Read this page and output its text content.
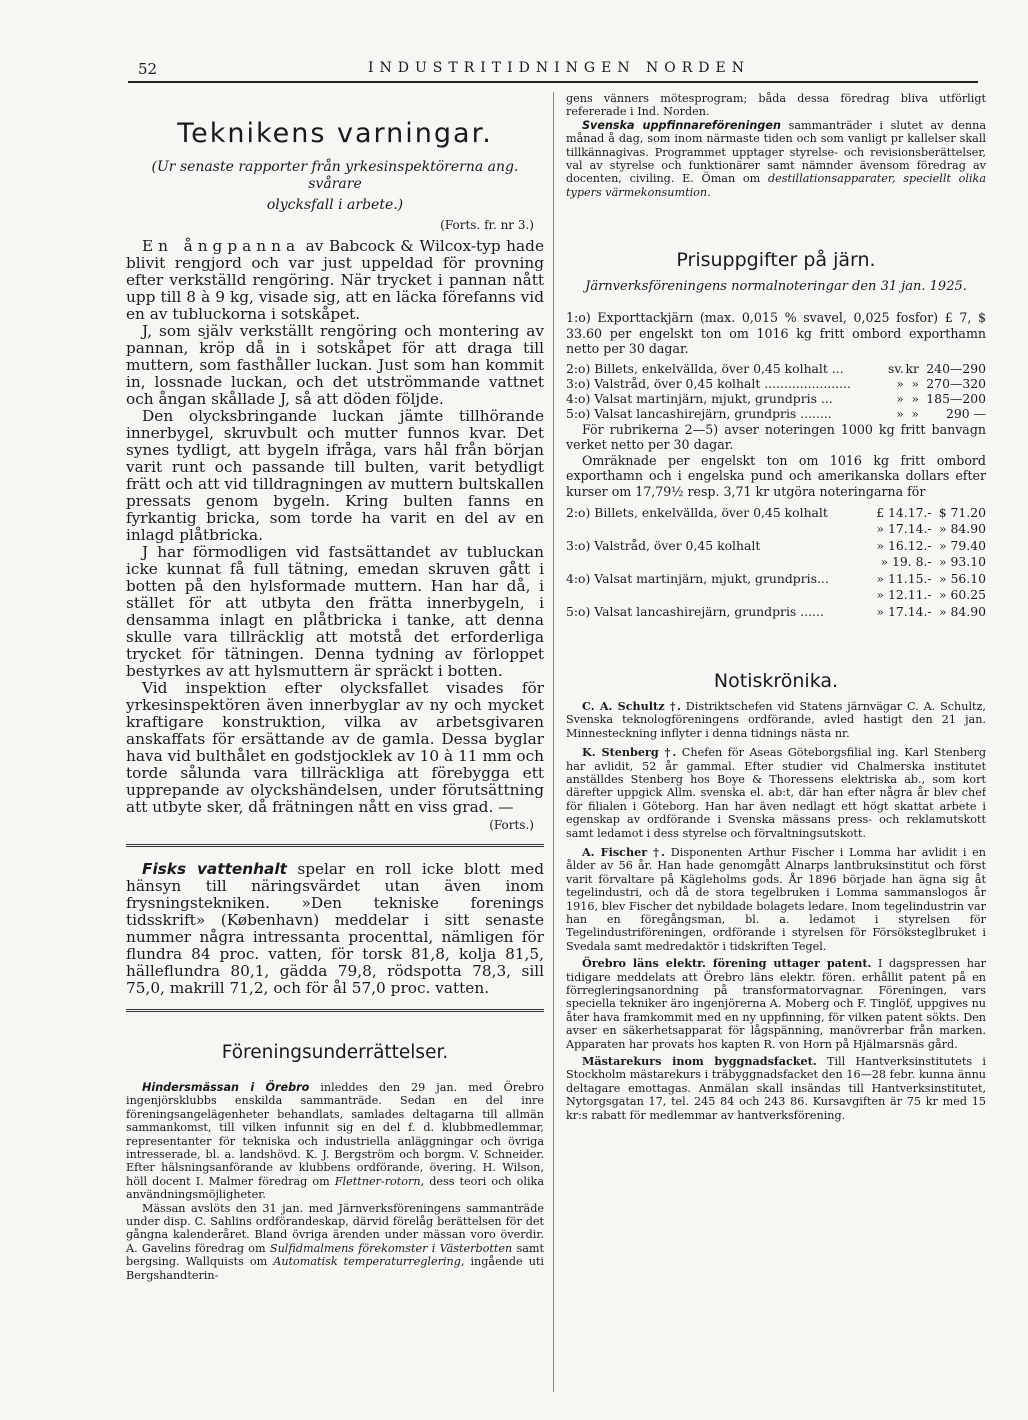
52	INDUSTRITIDNINGEN NORDEN
Teknikens varningar.
(Ur senaste rapporter från yrkesinspektörerna ang. svårare
olycksfall i arbete.)
(Forts. fr. nr 3.)

En ångpanna av Babcock & Wilcox-typ hade blivit rengjord och var just uppeldad för provning efter verkställd rengöring. När trycket i pannan nått upp till 8 à 9 kg, visade sig, att en läcka förefanns vid en av tubluckorna i sotskåpet.

J, som själv verkställt rengöring och montering av pannan, kröp då in i sotskåpet för att draga till muttern, som fasthåller luckan. Just som han kommit in, lossnade luckan, och det utströmmande vattnet och ångan skållade J, så att döden följde.

Den olycksbringande luckan jämte tillhörande innerbygel, skruvbult och mutter funnos kvar. Det synes tydligt, att bygeln ifråga, vars hål från början varit runt och passande till bulten, varit betydligt frätt och att vid tilldragningen av muttern bultskallen pressats genom bygeln. Kring bulten fanns en fyrkantig bricka, som torde ha varit en del av en inlagd plåtbricka.

J har förmodligen vid fastsättandet av tubluckan icke kunnat få full tätning, emedan skruven gått i botten på den hylsformade muttern. Han har då, i stället för att utbyta den frätta innerbygeln, i densamma inlagt en plåtbricka i tanke, att denna skulle vara tillräcklig att motstå det erforderliga trycket för tätningen. Denna tydning av förloppet bestyrkes av att hylsmuttern är spräckt i botten.

Vid inspektion efter olycksfallet visades för yrkesinspektören även innerbyglar av ny och mycket kraftigare konstruktion, vilka av arbetsgivaren anskaffats för ersättande av de gamla. Dessa byglar hava vid bulthålet en godstjocklek av 10 à 11 mm och torde sålunda vara tillräckliga att förebygga ett upprepande av olyckshändelsen, under förutsättning att utbyte sker, då frätningen nått en viss grad. —

(Forts.)

Fisks vattenhalt spelar en roll icke blott med hänsyn till näringsvärdet utan även inom frysningstekniken. »Den tekniske forenings tidsskrift» (København) meddelar i sitt senaste nummer några intressanta procenttal, nämligen för flundra 84 proc. vatten, för torsk 81,8, kolja 81,5, hälleflundra 80,1, gädda 79,8, rödspotta 78,3, sill 75,0, makrill 71,2, och för ål 57,0 proc. vatten.

Föreningsunderrättelser.

Hindersmässan i Örebro inleddes den 29 jan. med Örebro ingenjörsklubbs enskilda sammanträde. Sedan en del inre föreningsangelägenheter behandlats, samlades deltagarna till allmän sammankomst, till vilken infunnit sig en del f. d. klubbmedlemmar, representanter för tekniska och industriella anläggningar och övriga intresserade, bl. a. landshövd. K. J. Bergström och borgm. V. Schneider. Efter hälsningsanförande av klubbens ordförande, övering. H. Wilson, höll docent I. Malmer föredrag om Flettner-rotorn, dess teori och olika användningsmöjligheter.

Mässan avslöts den 31 jan. med Järnverksföreningens sammanträde under disp. C. Sahlins ordförandeskap, därvid förelåg berättelsen för det gångna kalenderåret. Bland övriga ärenden under mässan voro överdir. A. Gavelins föredrag om Sulfidmalmens förekomster i Västerbotten samt bergsing. Wallquists om Automatisk temperaturreglering, ingående uti Bergshandterin-

gens vänners mötesprogram; båda dessa föredrag bliva utförligt refererade i Ind. Norden.

Svenska uppfinnareföreningen sammanträder i slutet av denna månad å dag, som inom närmaste tiden och som vanligt pr kallelser skall tillkännagivas. Programmet upptager styrelse- och revisionsberättelser, val av styrelse och funktionärer samt nämnder ävensom föredrag av docenten, civiling. E. Öman om destillationsapparater, speciellt olika typers värmekonsumtion.

Prisuppgifter på järn.
Järnverksföreningens normalnoteringar den 31 jan. 1925.

1:o) Exporttackjärn (max. 0,015 % svavel, 0,025 fosfor) £ 7, $ 33.60 per engelskt ton om 1016 kg fritt ombord exporthamn netto per 30 dagar.

2:o) Billets, enkelvällda, över 0,45 kolhalt ...	sv.	kr	240—290
3:o) Valstråd, över 0,45 kolhalt ......................	»	»	270—320
4:o) Valsat martinjärn, mjukt, grundpris ...	»	»	185—200
5:o) Valsat lancashirejärn, grundpris ........	»	»	290 —

För rubrikerna 2—5) avser noteringen 1000 kg fritt banvagn verket netto per 30 dagar.

Omräknade per engelskt ton om 1016 kg fritt ombord exporthamn och i engelska pund och amerikanska dollars efter kurser om 17,79½ resp. 3,71 kr utgöra noteringarna för

2:o) Billets, enkelvällda, över 0,45 kolhalt	£ 14.17.-	$ 71.20
	» 17.14.-	» 84.90
3:o) Valstråd, över 0,45 kolhalt	» 16.12.-	» 79.40
	» 19. 8.-	» 93.10
4:o) Valsat martinjärn, mjukt, grundpris...	» 11.15.-	» 56.10
	» 12.11.-	» 60.25
5:o) Valsat lancashirejärn, grundpris ......	» 17.14.-	» 84.90
Notiskrönika.

C. A. Schultz †. Distriktschefen vid Statens järnvägar C. A. Schultz, Svenska teknologföreningens ordförande, avled hastigt den 21 jan. Minnesteckning inflyter i denna tidnings nästa nr.

K. Stenberg †. Chefen för Aseas Göteborgsfilial ing. Karl Stenberg har avlidit, 52 år gammal. Efter studier vid Chalmerska institutet anställdes Stenberg hos Boye & Thoressens elektriska ab., som kort därefter uppgick Allm. svenska el. ab:t, där han efter några år blev chef för filialen i Göteborg. Han har även nedlagt ett högt skattat arbete i egenskap av ordförande i Svenska mässans press- och reklamutskott samt ledamot i dess styrelse och förvaltningsutskott.

A. Fischer †. Disponenten Arthur Fischer i Lomma har avlidit i en ålder av 56 år. Han hade genomgått Alnarps lantbruksinstitut och först varit förvaltare på Kägleholms gods. År 1896 började han ägna sig åt tegelindustri, och då de stora tegelbruken i Lomma sammanslogos år 1916, blev Fischer det nybildade bolagets ledare. Inom tegelindustrin var han en föregångsman, bl. a. ledamot i styrelsen för Tegelindustriföreningen, ordförande i styrelsen för Försöksteglbruket i Svedala samt medredaktör i tidskriften Tegel.

Örebro läns elektr. förening uttager patent. I dagspressen har tidigare meddelats att Örebro läns elektr. fören. erhållit patent på en förregleringsanordning på transformatorvagnar. Föreningen, vars speciella tekniker äro ingenjörerna A. Moberg och F. Tinglöf, uppgives nu åter hava framkommit med en ny uppfinning, för vilken patent sökts. Den avser en säkerhetsapparat för lågspänning, manövrerbar från marken. Apparaten har provats hos kapten R. von Horn på Hjälmarsnäs gård.

Mästarekurs inom byggnadsfacket. Till Hantverksinstitutets i Stockholm mästarekurs i träbyggnadsfacket den 16—28 febr. kunna ännu deltagare emottagas. Anmälan skall insändas till Hantverksinstitutet, Nytorgsgatan 17, tel. 245 84 och 243 86. Kursavgiften är 75 kr med 15 kr:s rabatt för medlemmar av hantverksförening.
